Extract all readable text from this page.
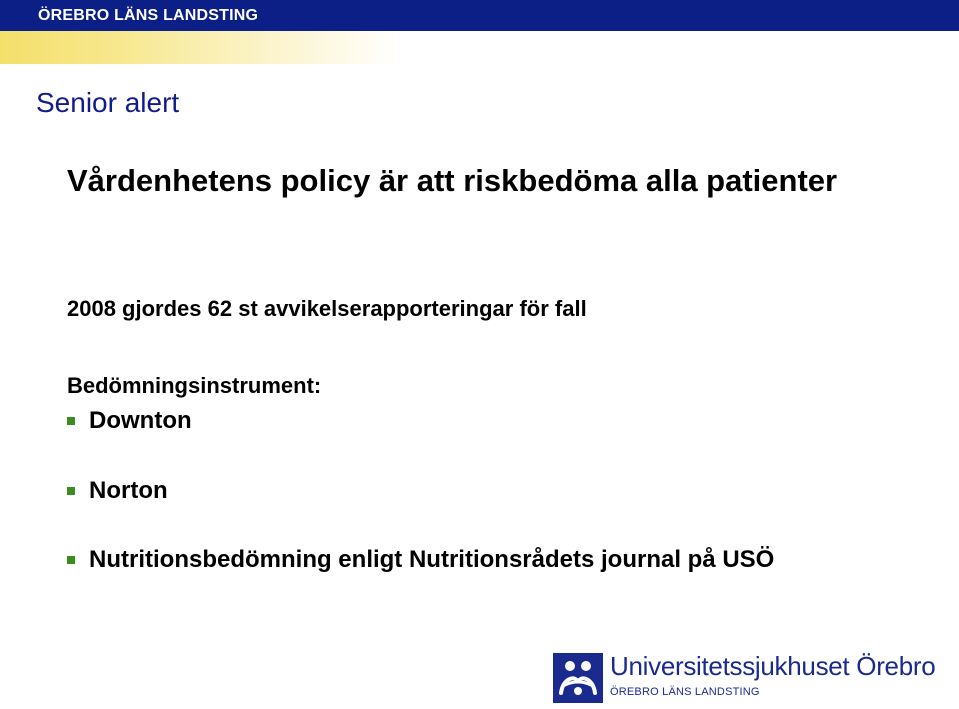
ÖREBRO LÄNS LANDSTING
Senior alert
Vårdenhetens policy är att riskbedöma alla patienter
2008 gjordes 62 st avvikelserapporteringar för fall
Bedömningsinstrument:
Downton
Norton
Nutritionsbedömning enligt Nutritionsrådets journal på USÖ
Universitetssjukhuset Örebro
ÖREBRO LÄNS LANDSTING
